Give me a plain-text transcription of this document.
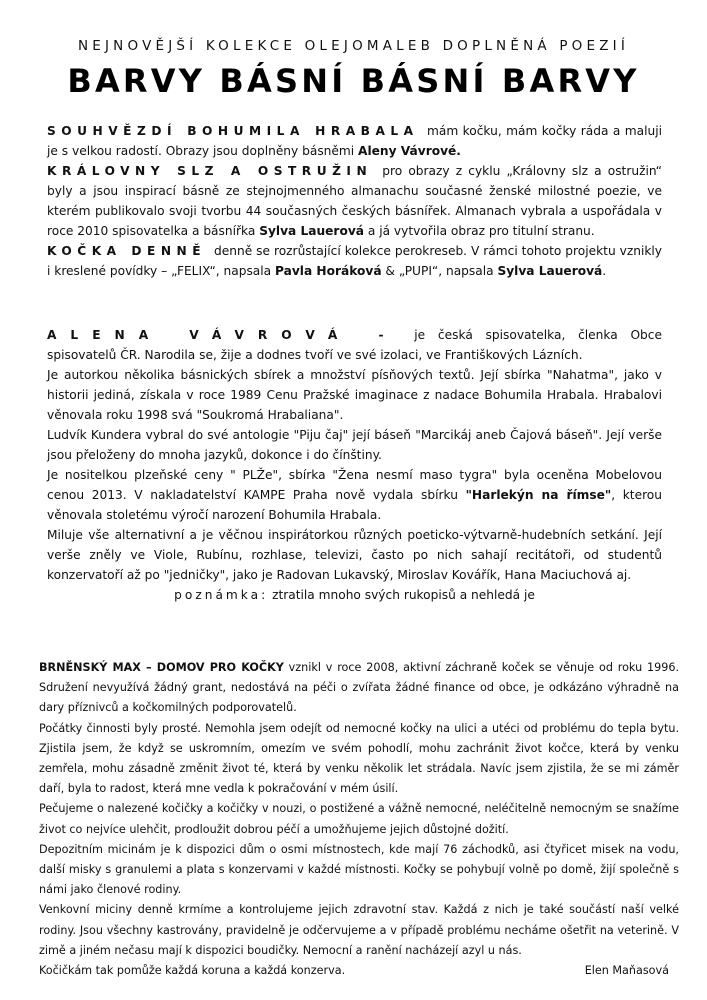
NEJNOVĚJŠÍ KOLEKCE OLEJOMALEB DOPLNĚNÁ POEZIÍ
BARVY BÁSNÍ BÁSNÍ BARVY

SOUHVĚZDÍ BOHUMILA HRABALA mám kočku, mám kočky ráda a maluji je s velkou radostí. Obrazy jsou doplněny básněmi Aleny Vávrové.

KRÁLOVNY SLZ A OSTRUŽIN pro obrazy z cyklu „Královny slz a ostružin“ byly a jsou inspirací básně ze stejnojmenného almanachu současné ženské milostné poezie, ve kterém publikovalo svoji tvorbu 44 současných českých básnířek. Almanach vybrala a uspořádala v roce 2010 spisovatelka a básnířka Sylva Lauerová a já vytvořila obraz pro titulní stranu.

KOČKA DENNĚ denně se rozrůstající kolekce perokreseb. V rámci tohoto projektu vznikly i kreslené povídky – „FELIX“, napsala Pavla Horáková & „PUPI“, napsala Sylva Lauerová.

ALENA VÁVROVÁ - je česká spisovatelka, členka Obce spisovatelů ČR. Narodila se, žije a dodnes tvoří ve své izolaci, ve Františkových Lázních.

Je autorkou několika básnických sbírek a množství písňových textů. Její sbírka "Nahatma", jako v historii jediná, získala v roce 1989 Cenu Pražské imaginace z nadace Bohumila Hrabala. Hrabalovi věnovala roku 1998 svá "Soukromá Hrabaliana".

Ludvík Kundera vybral do své antologie "Piju čaj" její báseň "Marcikáj aneb Čajová báseň". Její verše jsou přeloženy do mnoha jazyků, dokonce i do čínštiny.

Je nositelkou plzeňské ceny " PLŽe", sbírka "Žena nesmí maso tygra" byla oceněna Mobelovou cenou 2013. V nakladatelství KAMPE Praha nově vydala sbírku "Harlekýn na římse", kterou věnovala stoletému výročí narození Bohumila Hrabala.

Miluje vše alternativní a je věčnou inspirátorkou různých poeticko-výtvarně-hudebních setkání. Její verše zněly ve Viole, Rubínu, rozhlase, televizi, často po nich sahají recitátoři, od studentů konzervatoří až po "jedničky", jako je Radovan Lukavský, Miroslav Kovářík, Hana Maciuchová aj.

poznámka: ztratila mnoho svých rukopisů a nehledá je

BRNĚNSKÝ MAX – DOMOV PRO KOČKY vznikl v roce 2008, aktivní záchraně koček se věnuje od roku 1996. Sdružení nevyužívá žádný grant, nedostává na péči o zvířata žádné finance od obce, je odkázáno výhradně na dary příznivců a kočkomilných podporovatelů.

Počátky činnosti byly prosté. Nemohla jsem odejít od nemocné kočky na ulici a utéci od problému do tepla bytu. Zjistila jsem, že když se uskromním, omezím ve svém pohodlí, mohu zachránit život kočce, která by venku zemřela, mohu zásadně změnit život té, která by venku několik let strádala. Navíc jsem zjistila, že se mi záměr daří, byla to radost, která mne vedla k pokračování v mém úsilí.

Pečujeme o nalezené kočičky a kočičky v nouzi, o postižené a vážně nemocné, neléčitelně nemocným se snažíme život co nejvíce ulehčit, prodloužit dobrou péčí a umožňujeme jejich důstojné dožití.

Depozitním micinám je k dispozici dům o osmi místnostech, kde mají 76 záchodků, asi čtyřicet misek na vodu, další misky s granulemi a plata s konzervami v každé místnosti. Kočky se pohybují volně po domě, žijí společně s námi jako členové rodiny.

Venkovní miciny denně krmíme a kontrolujeme jejich zdravotní stav. Každá z nich je také součástí naší velké rodiny. Jsou všechny kastrovány, pravidelně je odčervujeme a v případě problému necháme ošetřit na veterině. V zimě a jiném nečasu mají k dispozici boudičky. Nemocní a ranění nacházejí azyl u nás.

Kočičkám tak pomůže každá koruna a každá konzerva.	Elen Maňasová
